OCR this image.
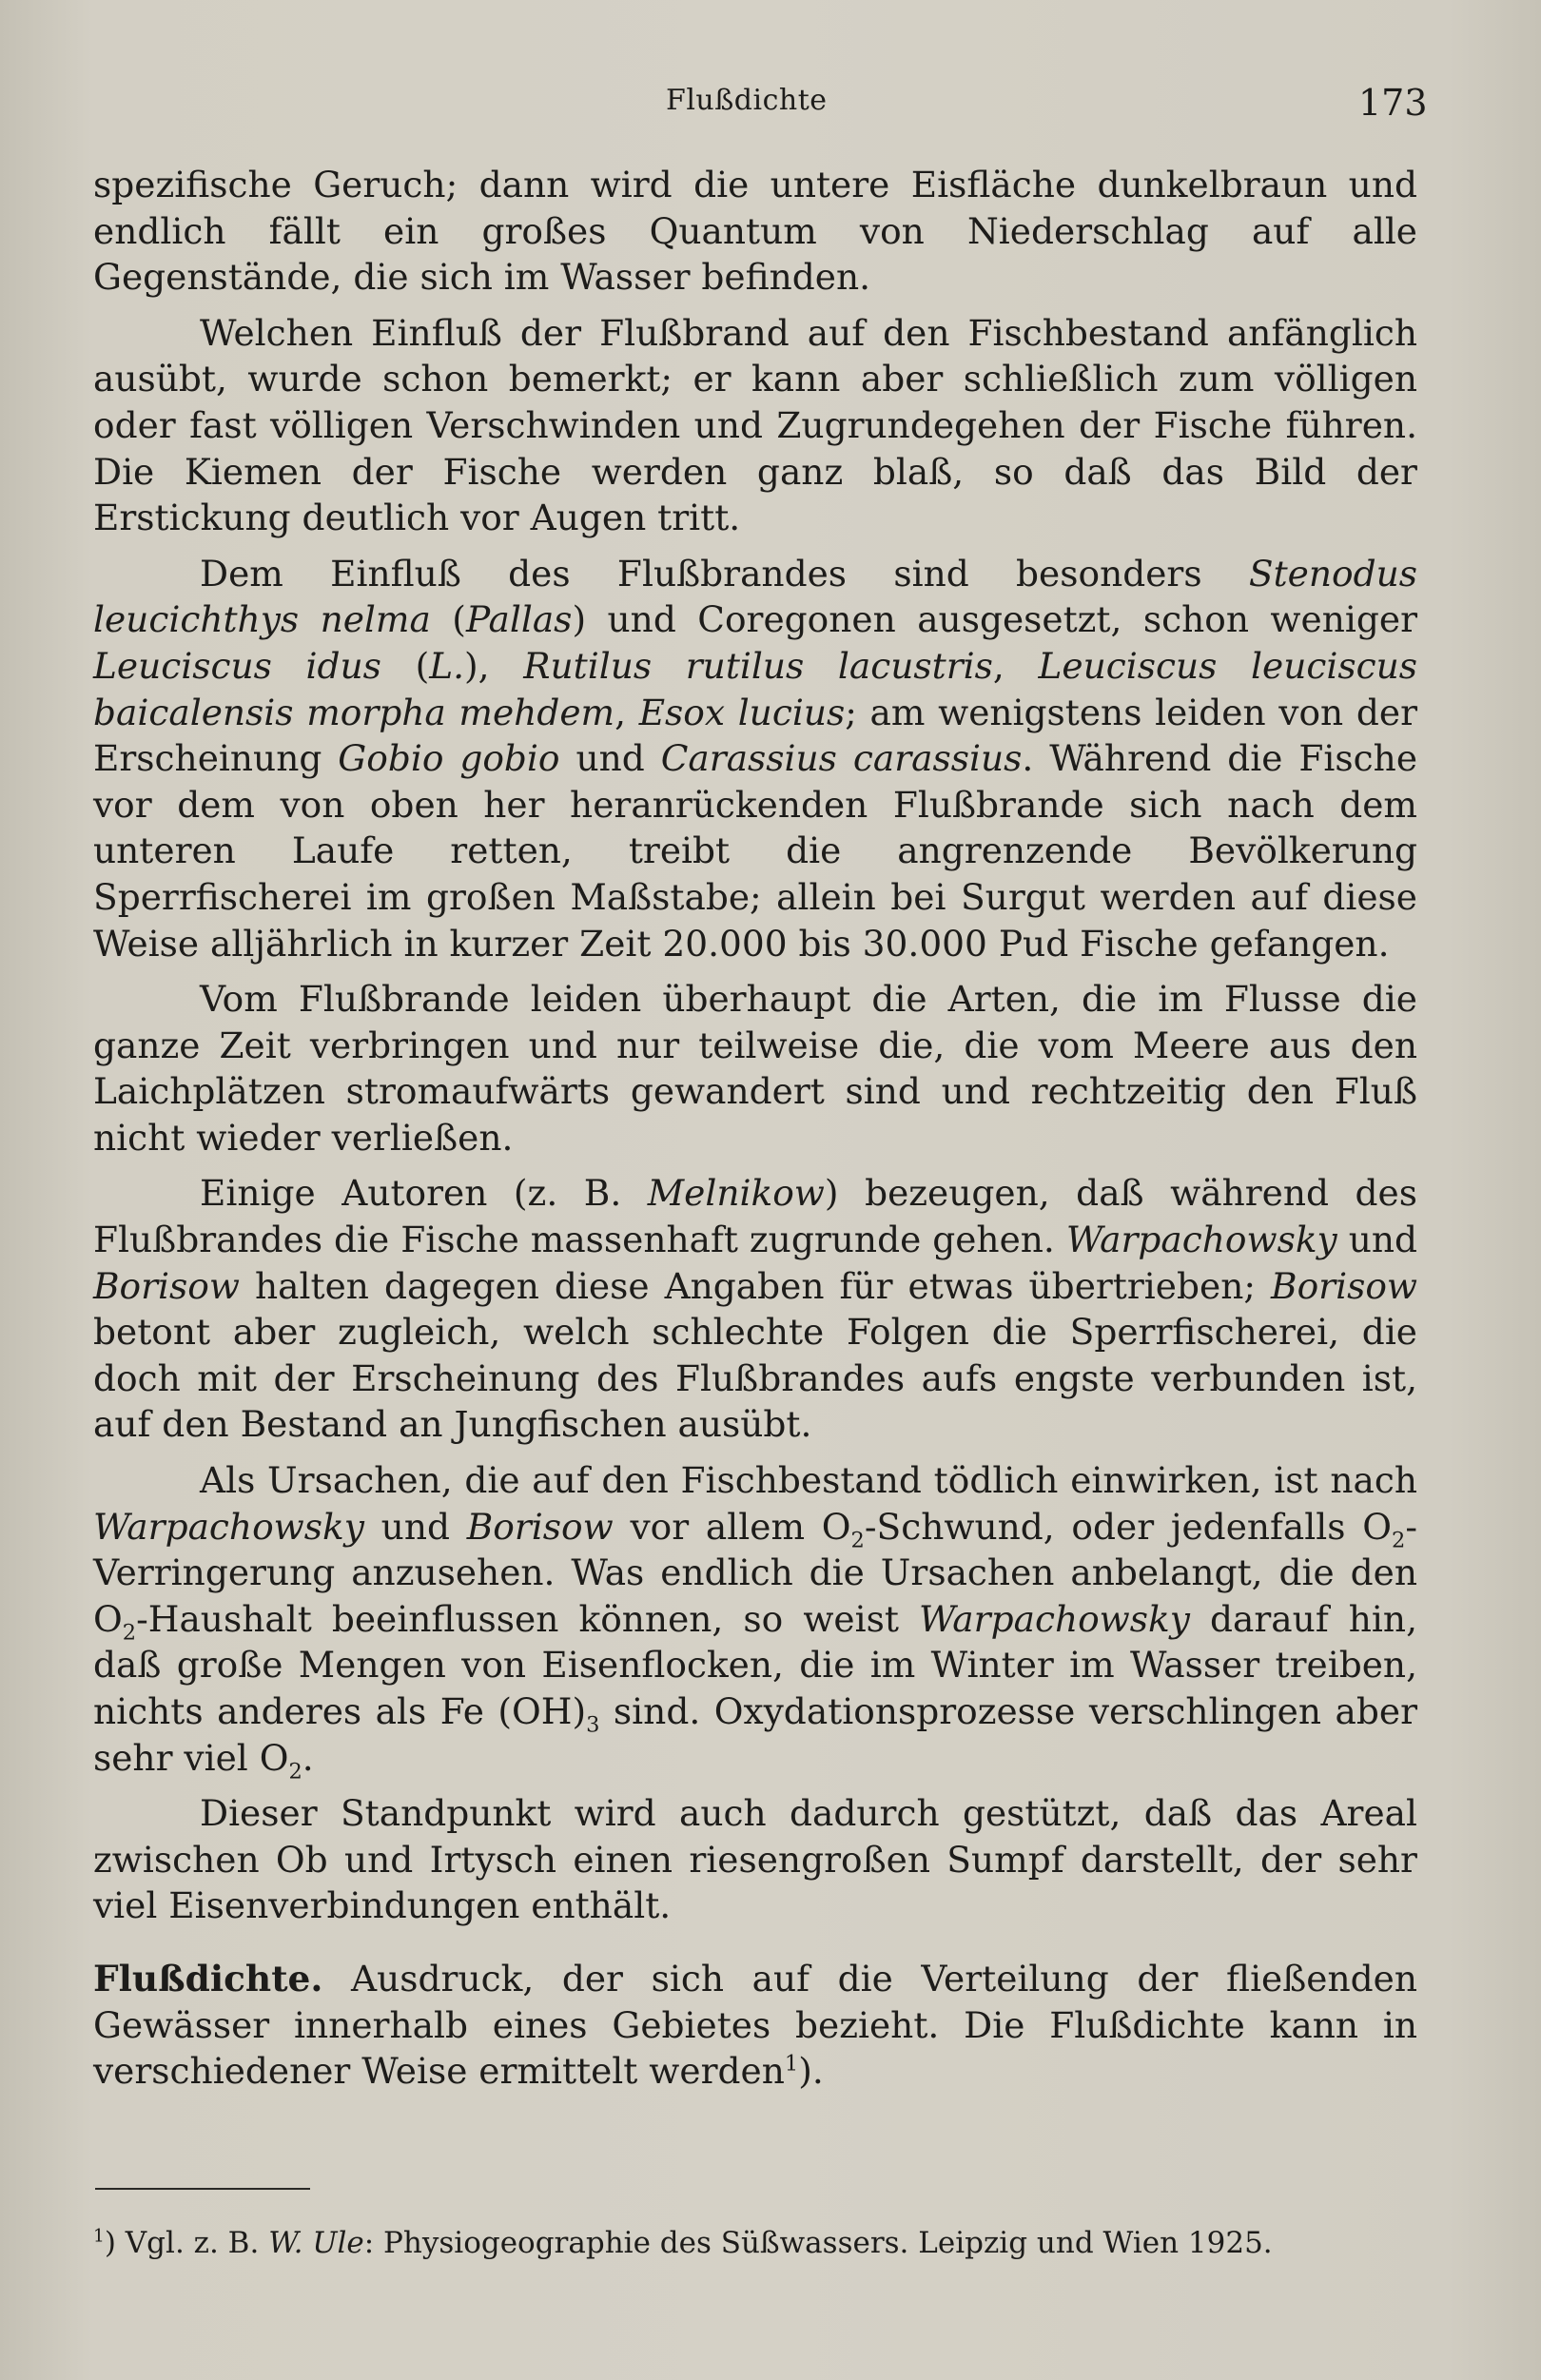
Flußdichte	173

spezifische Geruch; dann wird die untere Eisfläche dunkelbraun und endlich fällt ein großes Quantum von Niederschlag auf alle Gegenstände, die sich im Wasser befinden.

Welchen Einfluß der Flußbrand auf den Fischbestand anfänglich ausübt, wurde schon bemerkt; er kann aber schließlich zum völligen oder fast völligen Verschwinden und Zugrundegehen der Fische führen. Die Kiemen der Fische werden ganz blaß, so daß das Bild der Erstickung deutlich vor Augen tritt.

Dem Einfluß des Flußbrandes sind besonders Stenodus leucichthys nelma (Pallas) und Coregonen ausgesetzt, schon weniger Leuciscus idus (L.), Rutilus rutilus lacustris, Leuciscus leuciscus baicalensis morpha mehdem, Esox lucius; am wenigstens leiden von der Erscheinung Gobio gobio und Carassius carassius. Während die Fische vor dem von oben her heranrückenden Flußbrande sich nach dem unteren Laufe retten, treibt die angrenzende Bevölkerung Sperrfischerei im großen Maßstabe; allein bei Surgut werden auf diese Weise alljährlich in kurzer Zeit 20.000 bis 30.000 Pud Fische gefangen.

Vom Flußbrande leiden überhaupt die Arten, die im Flusse die ganze Zeit verbringen und nur teilweise die, die vom Meere aus den Laichplätzen stromaufwärts gewandert sind und rechtzeitig den Fluß nicht wieder verließen.

Einige Autoren (z. B. Melnikow) bezeugen, daß während des Flußbrandes die Fische massenhaft zugrunde gehen. Warpachowsky und Borisow halten dagegen diese Angaben für etwas übertrieben; Borisow betont aber zugleich, welch schlechte Folgen die Sperrfischerei, die doch mit der Erscheinung des Flußbrandes aufs engste verbunden ist, auf den Bestand an Jungfischen ausübt.

Als Ursachen, die auf den Fischbestand tödlich einwirken, ist nach Warpachowsky und Borisow vor allem $O_2$-Schwund, oder jedenfalls $O_2$-Verringerung anzusehen. Was endlich die Ursachen anbelangt, die den $O_2$-Haushalt beeinflussen können, so weist Warpachowsky darauf hin, daß große Mengen von Eisenflocken, die im Winter im Wasser treiben, nichts anderes als Fe $(OH)_3$ sind. Oxydationsprozesse verschlingen aber sehr viel $O_2$.

Dieser Standpunkt wird auch dadurch gestützt, daß das Areal zwischen Ob und Irtysch einen riesengroßen Sumpf darstellt, der sehr viel Eisenverbindungen enthält.

Flußdichte. Ausdruck, der sich auf die Verteilung der fließenden Gewässer innerhalb eines Gebietes bezieht. Die Flußdichte kann in verschiedener Weise ermittelt werden$^1$).

$^1$) Vgl. z. B. W. Ule: Physiogeographie des Süßwassers. Leipzig und Wien 1925.
